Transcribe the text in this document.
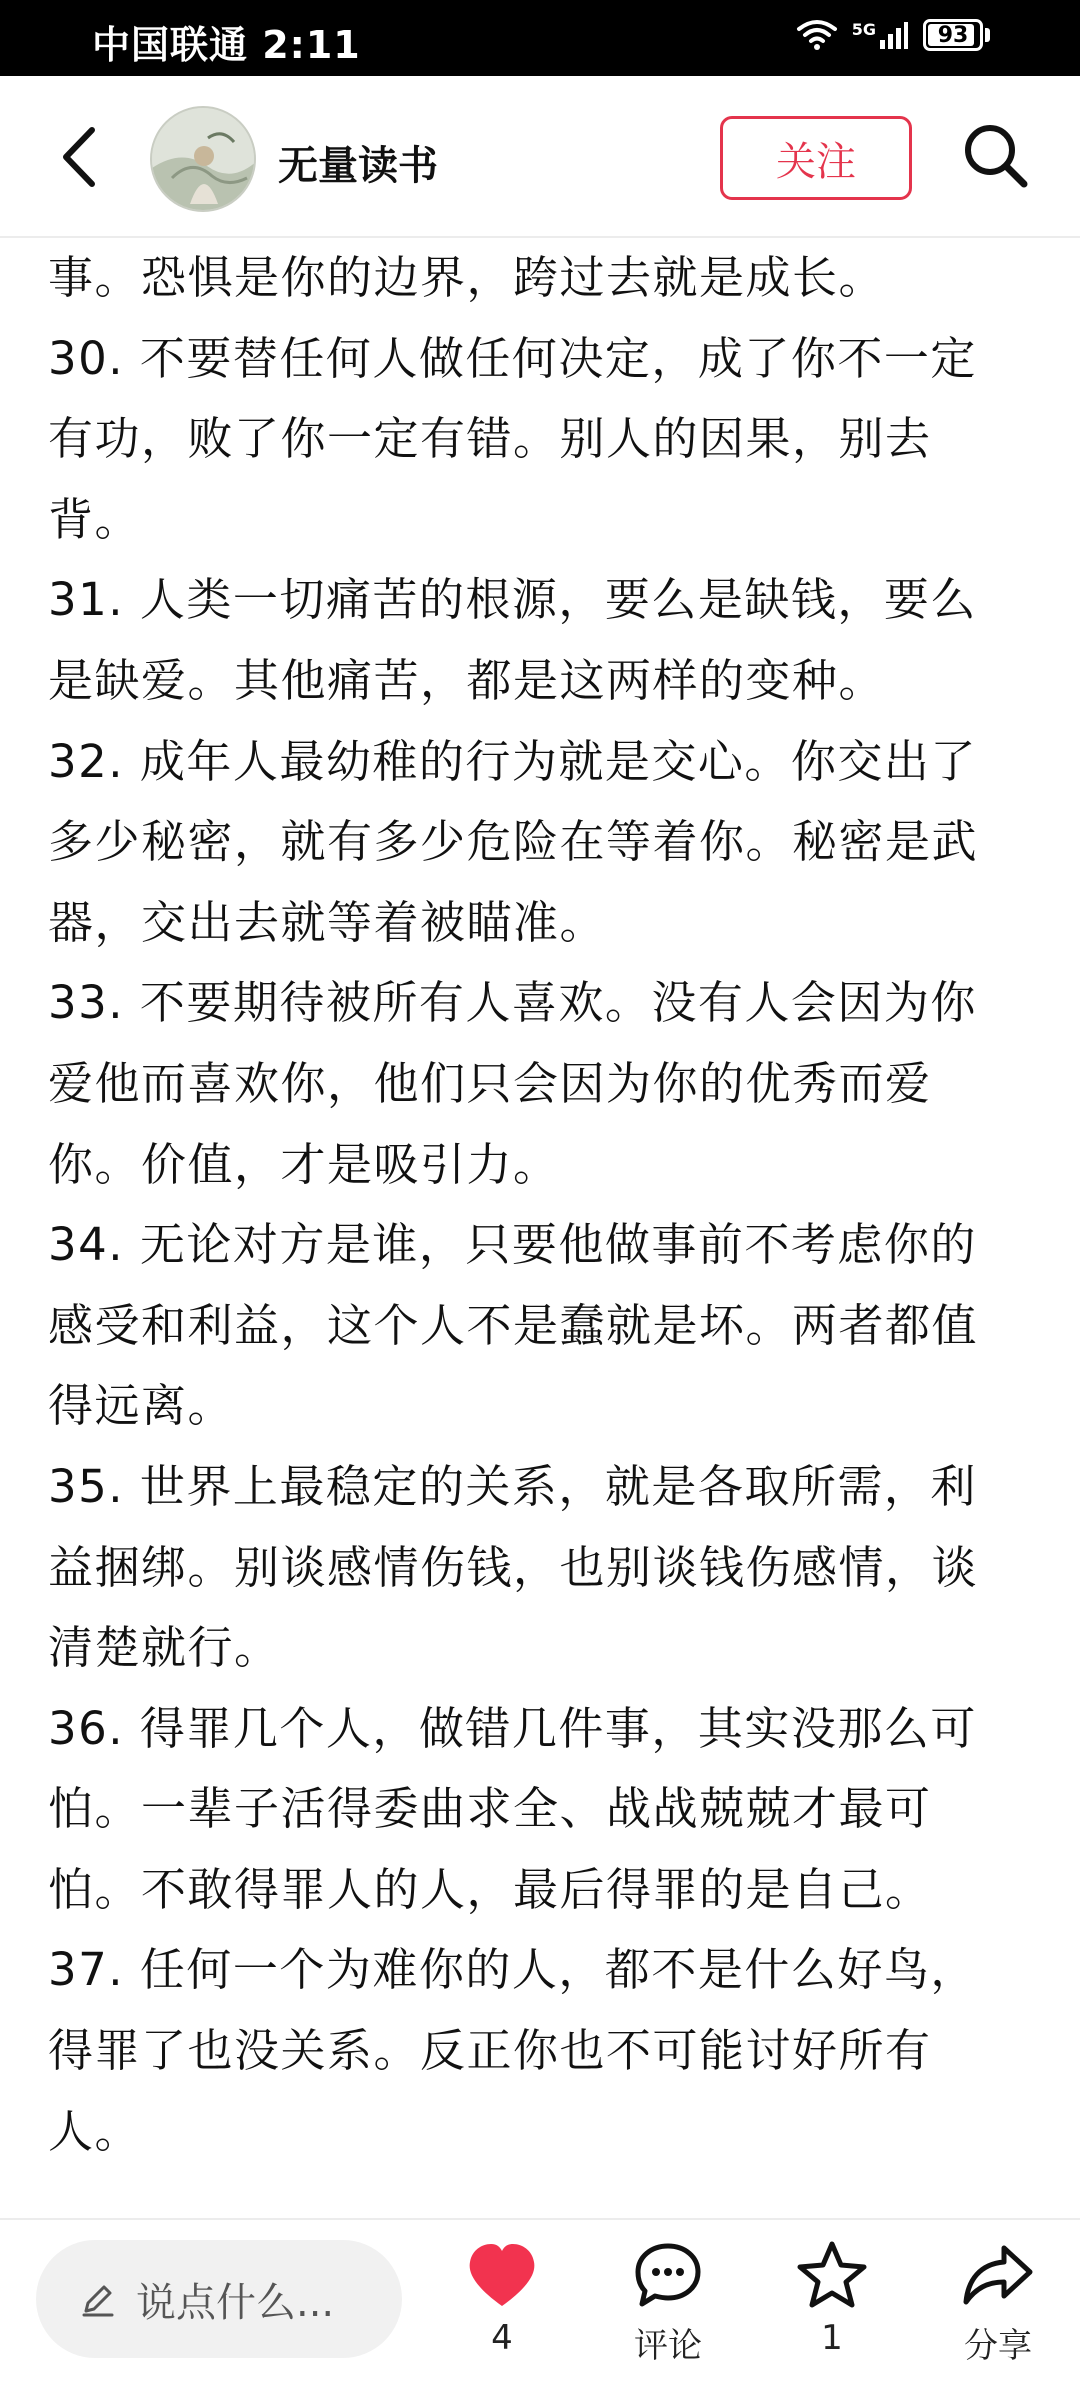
中国联通 2:11	5G	93
无量读书	关注
事。恐惧是你的边界，跨过去就是成长。
30. 不要替任何人做任何决定，成了你不一定
有功，败了你一定有错。别人的因果，别去
背。
31. 人类一切痛苦的根源，要么是缺钱，要么
是缺爱。其他痛苦，都是这两样的变种。
32. 成年人最幼稚的行为就是交心。你交出了
多少秘密，就有多少危险在等着你。秘密是武
器，交出去就等着被瞄准。
33. 不要期待被所有人喜欢。没有人会因为你
爱他而喜欢你，他们只会因为你的优秀而爱
你。价值，才是吸引力。
34. 无论对方是谁，只要他做事前不考虑你的
感受和利益，这个人不是蠢就是坏。两者都值
得远离。
35. 世界上最稳定的关系，就是各取所需，利
益捆绑。别谈感情伤钱，也别谈钱伤感情，谈
清楚就行。
36. 得罪几个人，做错几件事，其实没那么可
怕。一辈子活得委曲求全、战战兢兢才最可
怕。不敢得罪人的人，最后得罪的是自己。
37. 任何一个为难你的人，都不是什么好鸟，
得罪了也没关系。反正你也不可能讨好所有
人。
说点什么...
4	评论	1	分享
